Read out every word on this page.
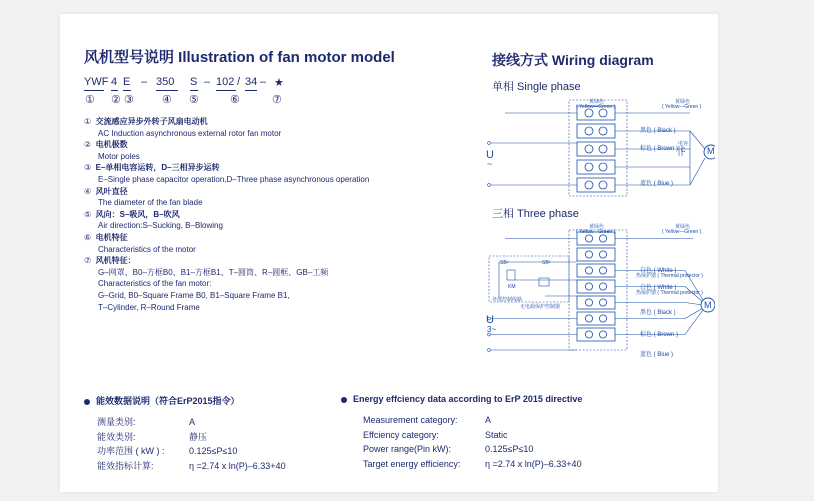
风机型号说明 Illustration of fan motor model
YWF 4 E – 350 S – 102 / 34 – ★
① ② ③	④ ⑤	⑥	⑦
① 交流感应异步外转子风扇电动机
AC Induction asynchronous external rotor fan motor
② 电机极数
Motor poles
③ E–单相电容运转，D–三相异步运转
E–Single phase capacitor operation,D–Three phase asynchronous operation
④ 风叶直径
The diameter of the fan blade
⑤ 风向：S–吸风，B–吹风
Air direction:S–Sucking, B–Blowing
⑥ 电机特征
Characteristics of the motor
⑦ 风机特征：
G–网罩、B0–方框B0、B1–方框B1、T–圆筒、R–圆框、GB–工频
Characteristics of the fan motor:
G–Grid, B0–Square Frame B0, B1–Square Frame B1,
T–Cylinder, R–Round Frame
接线方式 Wiring diagram
单相 Single phase
黄绿色
( Yellow—Green )
黄绿色
( Yellow—Green )
黑色 ( Black )
棕色 ( Brown )
蓝色 ( Blue )
电容
C M
U
~
三相 Three phase
黄绿色
( Yellow—Green )
黄绿色
( Yellow—Green )
白色 ( White )
热保护器 ( Thermal protector )
白色 ( White )
热保护器 ( Thermal protector )
黑色 ( Black )
棕色 ( Brown )
蓝色 ( Blue )
M
SB¹	SB²
KM
外部控制线路
无电源保护控制器
U
3~
能效数据说明（符合ErP2015指令）
测量类别:	A
能效类别:	静压
功率范围 ( kW ) :	0.125≤P≤10
能效指标计算:	η =2.74 x ln(P)–6.33+40
Energy effciency data according to ErP 2015 directive
Measurement category:	A
Effciency category:	Static
Power range(Pin kW):	0.125≤P≤10
Target energy efficiency:	η =2.74 x ln(P)–6.33+40
